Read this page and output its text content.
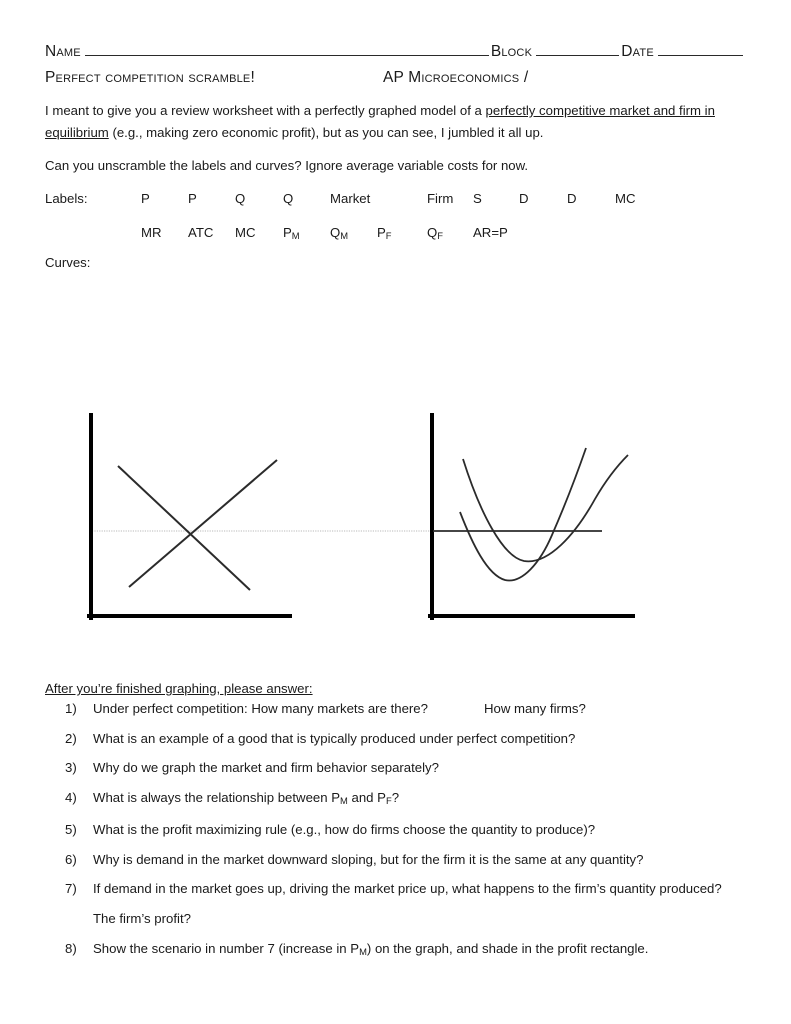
Name	Block	Date
Perfect competition scramble!	AP Microeconomics /
I meant to give you a review worksheet with a perfectly graphed model of a perfectly competitive market and firm in equilibrium (e.g., making zero economic profit), but as you can see, I jumbled it all up.
Can you unscramble the labels and curves? Ignore average variable costs for now.
Labels:	P	P	Q	Q	Market	Firm S	D	D	MC
MR ATC MC $P_M$ $Q_M$ $P_F$	$Q_F$ AR=P
Curves:
After you’re finished graphing, please answer:
1)	Under perfect competition: How many markets are there?	How many firms?
2)	What is an example of a good that is typically produced under perfect competition?
3)	Why do we graph the market and firm behavior separately?
4)	What is always the relationship between $P_M$ and $P_F$?
5)	What is the profit maximizing rule (e.g., how do firms choose the quantity to produce)?
6)	Why is demand in the market downward sloping, but for the firm it is the same at any quantity?
7)	If demand in the market goes up, driving the market price up, what happens to the firm’s quantity produced?
The firm’s profit?
8)	Show the scenario in number 7 (increase in $P_M$) on the graph, and shade in the profit rectangle.
